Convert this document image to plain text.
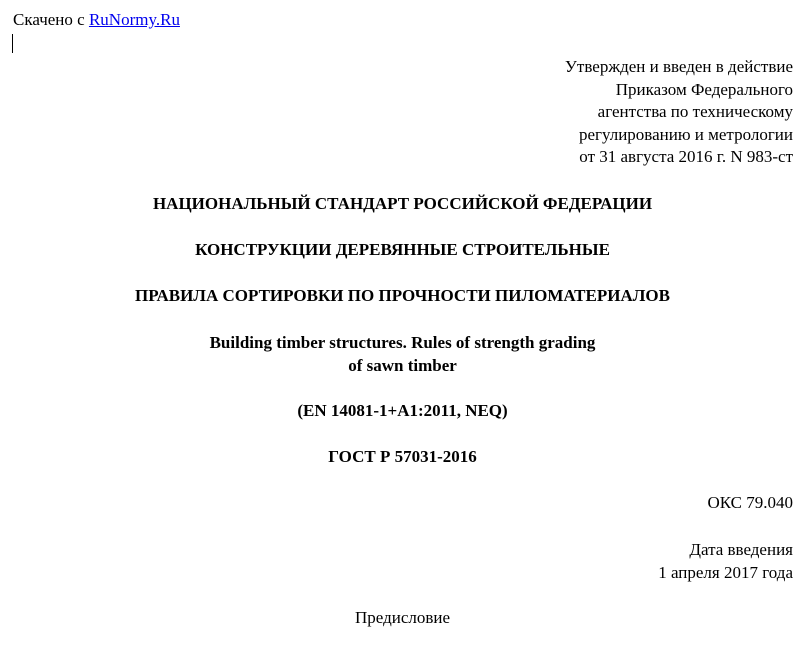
Скачено с RuNormy.Ru
Утвержден и введен в действие
Приказом Федерального
агентства по техническому
регулированию и метрологии
от 31 августа 2016 г. N 983-ст
НАЦИОНАЛЬНЫЙ СТАНДАРТ РОССИЙСКОЙ ФЕДЕРАЦИИ
КОНСТРУКЦИИ ДЕРЕВЯННЫЕ СТРОИТЕЛЬНЫЕ
ПРАВИЛА СОРТИРОВКИ ПО ПРОЧНОСТИ ПИЛОМАТЕРИАЛОВ
Building timber structures. Rules of strength grading
of sawn timber
(EN 14081-1+A1:2011, NEQ)
ГОСТ Р 57031-2016
ОКС 79.040
Дата введения
1 апреля 2017 года
Предисловие
